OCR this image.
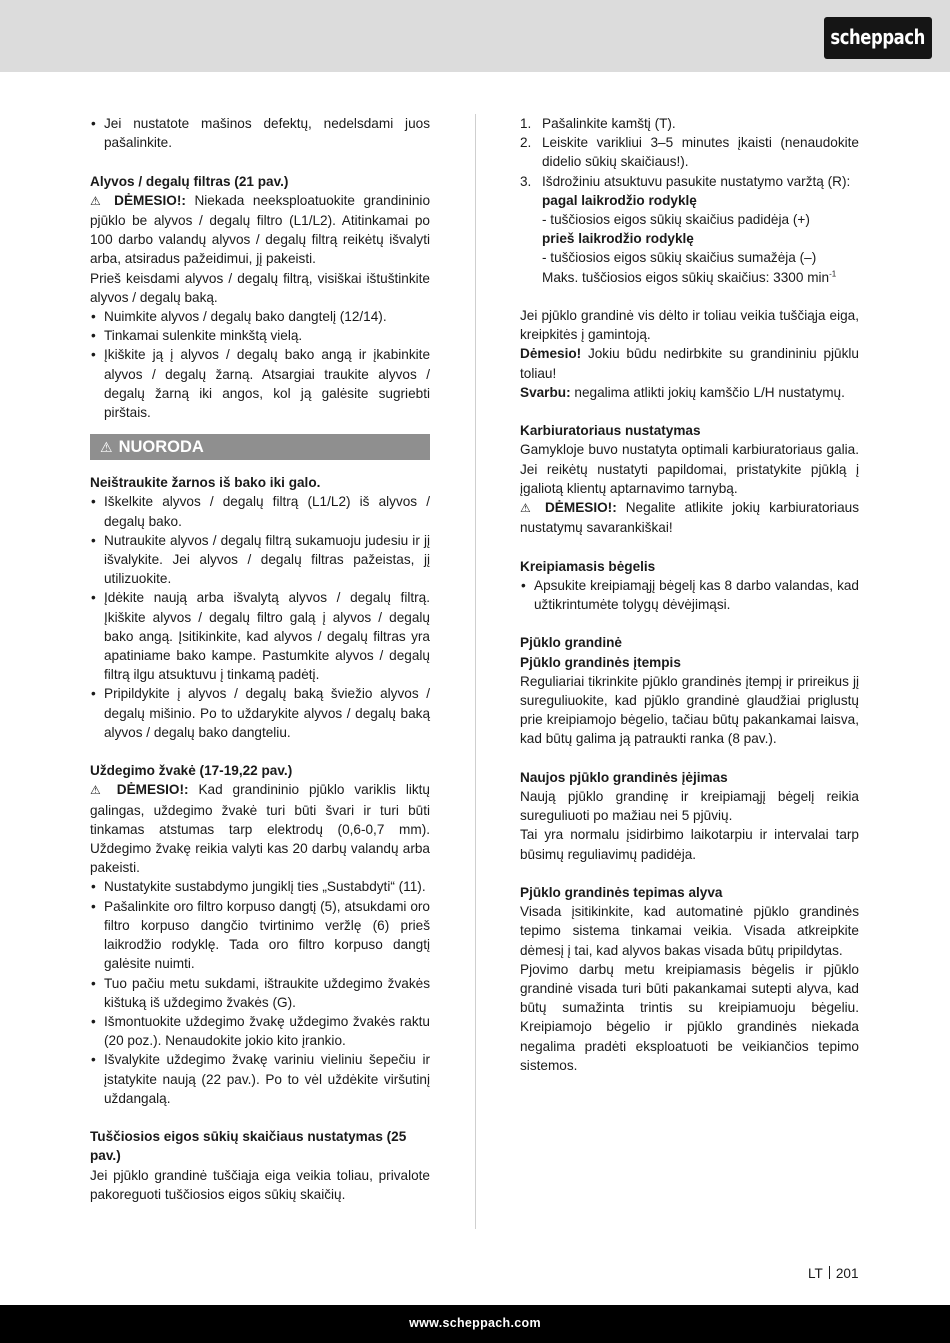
scheppach
• Jei nustatote mašinos defektų, nedelsdami juos pašalinkite.
Alyvos / degalų filtras (21 pav.)
⚠ DĖMESIO!: Niekada neeksploatuokite grandininio pjūklo be alyvos / degalų filtro (L1/L2). Atitinkamai po 100 darbo valandų alyvos / degalų filtrą reikėtų išvalyti arba, atsiradus pažeidimui, jį pakeisti.
Prieš keisdami alyvos / degalų filtrą, visiškai ištuštinkite alyvos / degalų baką.
• Nuimkite alyvos / degalų bako dangtelį (12/14).
• Tinkamai sulenkite minkštą vielą.
• Įkiškite ją į alyvos / degalų bako angą ir įkabinkite alyvos / degalų žarną. Atsargiai traukite alyvos / degalų žarną iki angos, kol ją galėsite sugriebti pirštais.
⚠ NUORODA
Neištraukite žarnos iš bako iki galo.
• Iškelkite alyvos / degalų filtrą (L1/L2) iš alyvos / degalų bako.
• Nutraukite alyvos / degalų filtrą sukamuoju judesiu ir jį išvalykite. Jei alyvos / degalų filtras pažeistas, jį utilizuokite.
• Įdėkite naują arba išvalytą alyvos / degalų filtrą. Įkiškite alyvos / degalų filtro galą į alyvos / degalų bako angą. Įsitikinkite, kad alyvos / degalų filtras yra apatiniame bako kampe. Pastumkite alyvos / degalų filtrą ilgu atsuktuvu į tinkamą padėtį.
• Pripildykite į alyvos / degalų baką šviežio alyvos / degalų mišinio. Po to uždarykite alyvos / degalų baką alyvos / degalų bako dangteliu.
Uždegimo žvakė (17-19,22 pav.)
⚠ DĖMESIO!: Kad grandininio pjūklo variklis liktų galingas, uždegimo žvakė turi būti švari ir turi būti tinkamas atstumas tarp elektrodų (0,6-0,7 mm). Uždegimo žvakę reikia valyti kas 20 darbų valandų arba pakeisti.
• Nustatykite sustabdymo jungiklį ties „Sustabdyti“ (11).
• Pašalinkite oro filtro korpuso dangtį (5), atsukdami oro filtro korpuso dangčio tvirtinimo veržlę (6) prieš laikrodžio rodyklę. Tada oro filtro korpuso dangtį galėsite nuimti.
• Tuo pačiu metu sukdami, ištraukite uždegimo žvakės kištuką iš uždegimo žvakės (G).
• Išmontuokite uždegimo žvakę uždegimo žvakės raktu (20 poz.). Nenaudokite jokio kito įrankio.
• Išvalykite uždegimo žvakę variniu vieliniu šepečiu ir įstatykite naują (22 pav.). Po to vėl uždėkite viršutinį uždangalą.
Tuščiosios eigos sūkių skaičiaus nustatymas (25 pav.)
Jei pjūklo grandinė tuščiąja eiga veikia toliau, privalote pakoreguoti tuščiosios eigos sūkių skaičių.
1. Pašalinkite kamštį (T).
2. Leiskite varikliui 3–5 minutes įkaisti (nenaudokite didelio sūkių skaičiaus!).
3. Išdrožiniu atsuktuvu pasukite nustatymo varžtą (R):
pagal laikrodžio rodyklę
- tuščiosios eigos sūkių skaičius padidėja (+)
prieš laikrodžio rodyklę
- tuščiosios eigos sūkių skaičius sumažėja (–)
Maks. tuščiosios eigos sūkių skaičius: 3300 $\min^{-1}$
Jei pjūklo grandinė vis dėlto ir toliau veikia tuščiąja eiga, kreipkitės į gamintoją.
Dėmesio! Jokiu būdu nedirbkite su grandininiu pjūklu toliau!
Svarbu: negalima atlikti jokių kamščio L/H nustatymų.
Karbiuratoriaus nustatymas
Gamykloje buvo nustatyta optimali karbiuratoriaus galia. Jei reikėtų nustatyti papildomai, pristatykite pjūklą į įgaliotą klientų aptarnavimo tarnybą.
⚠ DĖMESIO!: Negalite atlikite jokių karbiuratoriaus nustatymų savarankiškai!
Kreipiamasis bėgelis
• Apsukite kreipiamąjį bėgelį kas 8 darbo valandas, kad užtikrintumėte tolygų dėvėjimąsi.
Pjūklo grandinė
Pjūklo grandinės įtempis
Reguliariai tikrinkite pjūklo grandinės įtempį ir prireikus jį sureguliuokite, kad pjūklo grandinė glaudžiai priglustų prie kreipiamojo bėgelio, tačiau būtų pakankamai laisva, kad būtų galima ją patraukti ranka (8 pav.).
Naujos pjūklo grandinės įėjimas
Naują pjūklo grandinę ir kreipiamąjį bėgelį reikia sureguliuoti po mažiau nei 5 pjūvių.
Tai yra normalu įsidirbimo laikotarpiu ir intervalai tarp būsimų reguliavimų padidėja.
Pjūklo grandinės tepimas alyva
Visada įsitikinkite, kad automatinė pjūklo grandinės tepimo sistema tinkamai veikia. Visada atkreipkite dėmesį į tai, kad alyvos bakas visada būtų pripildytas.
Pjovimo darbų metu kreipiamasis bėgelis ir pjūklo grandinė visada turi būti pakankamai sutepti alyva, kad būtų sumažinta trintis su kreipiamuoju bėgeliu. Kreipiamojo bėgelio ir pjūklo grandinės niekada negalima pradėti eksploatuoti be veikiančios tepimo sistemos.
LT 201
www.scheppach.com
